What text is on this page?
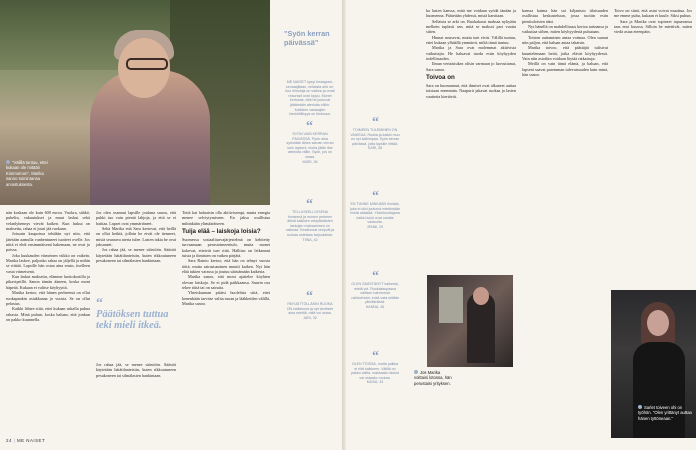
"Välillä tuntuu, ettei kukaan ole mitään Kimmoroon", Marika sanoo toimintansa arvostuksesta.
"Syön kerran päivässä"
ME NAISET kysyi Instagram-seuraajiltaan, millaista arki on, kun elinoloja on vaikea ja omat resurssit ovat loppu. Monet kertoivat, että he joutuvat jättämään aterioita väliin. Kaikkien vastaajien henkilöllisyys on tiedossa.
“
SYÖN VAIN KERRAN PÄIVÄSSÄ. Pyrin aina syömään lähes saman verran kuin lapseni, mutta jätän itse aterioita väliin. Syön, jos on varaa.
MARI, 36
“
TELLUSKELLOISENA ihmisenä ja monen perheen äitinä kaikkien arkipäiväisten laskujen maksaminen on vaikeaa. Kesälomat venyvät ja ruokaa ostetaan tarjouksista.
TIINA, 42
“
REHJÄTTÖLLÄKIN RUOKA ON kallistunut ja nyt tarvitsee aina miettiä, mitä voi ostaa.
JARI, 32
“
TOIMEEN TULEMINEN ON VAIKEAA. Ruoka ja kaikki muu on nyt kalliimpaa. Syön kerran päivässä, jotta lapsille riittää.
SARI, 38
“
EN TUNNE MINKÄÄN ihmistä, joka ei olisi joutunut miettimään mistä säästää. Yksinhuoltajana kaikki kulut ovat omalla vastuulla.
JENNI, 29
“
OLEN SÄÄSTÄNYT kaikesta, mistä voi. Ruokakaupassa valitsen halvimmat vaihtoehdot, enkä osta mitään ylimääräistä.
HANNA, 45
“
OLEN TÖISSÄ, mutta palkka ei riitä kaikkeen. Välillä on pakko valita, maksaako laskut vai ostaako ruokaa.
KAISA, 34

nän koskaan ole kuin 600 euroa. Vuokra, sähkö, puhelin, vakuutukset ja muut laskut sekä velanlyhennys vievät kaiken. Kun laskut on maksettu, rahaa ei juuri jää ruokaan.

Joissain kaupoissa tehdään nyt niin, että jätetään aamulla vanhentuneet tuotteet ovelle. Jos niitä ei ehdi ensimmäisenä hakemaan, ne ovat jo poissa.

Joka kuukauden viimeinen viikko on vaikein. Marika laskee, paljonko rahaa on jäljellä ja mihin se riittää. Lapsille hän ostaa aina ensin, itselleen vasta viimeisenä.

Kun laskut maksettu, elämme luottokortilla ja pikavipeillä. Sanon tämän ääneen, koska moni häpeää. Kukaan ei valitse köyhyyttä.

Marika kertoo, että hänen perheensä on ollut ruokapankin asiakkaana jo vuosia. Se on ollut pelastus.

Kaikki lähtee siitä, ettei kukaan uskalla puhua rahasta. Minä puhun, koska haluan, että jonkun on pakko kuunnella.

Jos olen osannut lapsille jouluna sanoa, että pukki tuo vain pieniä lahjoja, ja että se ei haittaa. Lapset ovat ymmärtäneet.

Sekä Marika että Sara kertovat, että heillä on ollut hetkiä, jolloin he eivät ole tienneet, mistä seuraava ateria tulee. Lasten takia he ovat jaksaneet.

Jos rahaa jää, se menee säästöön. Säästöt käytetään hätätilanteisiin, kuten rikkoutuneen pesukoneen tai silmälasien hankintaan.

“
Päätöksen tuttua teki mieli itkeä.

Jos rahaa jää, se menee säästöön. Säästöt käytetään hätätilanteisiin, kuten rikkoutuneen pesukoneen tai silmälasien hankintaan.

Tottä kai haluaisin olla aktiivisempi, mutta energia menee selviytymiseen. En jaksa osallistua mihinkään ylimääräiseen.

Tuija elää – laiskoja loisia?

Suomessa sosiaaliturvajärjestelmä on kehitetty turvaamaan perustoimeentulo, mutta monet kokevat, etteivät tuet riitä. Hallitus on leikannut tuista ja ihmisten on vaikea pärjätä.

Sara Rainio kertoo, että hän on tehnyt vuosia töitä, mutta sairastuminen muutti kaiken. Nyt hän elää tukien varassa ja joutuu säästämään kaikesta.

Marika sanoo, että moni ajattelee köyhien olevan laiskoja. Se ei pidä paikkaansa. Suurin osa tekee töitä tai on sairaita.

Yhteiskunnan pitäisi huolehtia siitä, ettei kenenkään tarvitse valita ruoan ja lääkkeiden välillä, Marika sanoo.

ka lasten kanssa, mitä me voidaan syödä tänään ja huomenna. Päätetään yhdessä, mistä karsitaan.

Sellaista se arki on. Ruokakassi maksaa nykyään melkein tuplasti sen, mitä se maksoi pari vuotta sitten.

Hinnat nousevat, mutta tuet eivät. Välillä tuntuu, ettei kukaan ylhäällä ymmärrä, miltä tämä tuntuu.

Marika ja Sara ovat molemmat aktiivisia vaikuttajia. He haluavat tuoda esiin köyhyyden todellisuuden.

Ilman vertaistukea olisin varmaan jo luovuttanut, Sara sanoo.

Toivoa on

Sara on huomannut, että ihmiset ovat alkaneet auttaa toisiaan enemmän. Naapurit jakavat ruokaa ja lasten vaatteita kiertävät.

kanssa kaima hän sai kiljantuto tilaisuuden osallistua keskusteluun, jossa tuotiin esiin pienituloisten ääni.

Nyt hänellä on mahdollisuus kertoa tarinansa ja vaikuttaa siihen, miten köyhyydestä puhutaan.

Toisten auttaminen antaa voimaa. Olen saanut niin paljon, että haluan antaa takaisin.

Marika toivoo, että päättäjät tulisivat kuuntelemaan heitä, jotka elävät köyhyydessä. Vain niin asioihin voidaan löytää ratkaisuja.

Meillä on vain tämä elämä, ja haluan, että lapseni saavat paremman tulevaisuuden kuin minä, hän sanoo.

Toivo on siinä, että asiat voivat muuttua. Jos me emme puhu, kukaan ei kuule. Siksi puhun.

Sara ja Marika ovat sopineet tapaavansa taas ensi kuussa. Silloin he miettivät, miten viedä asiaa eteenpäin.

Jos Marika voittaisi lotossa, hän perustaisi yrityksen.
Sarlet toiveen ohi on työhön. "Olen yrittänyt auttaa hänen tyttöneaan."
24 | ME NAISET
